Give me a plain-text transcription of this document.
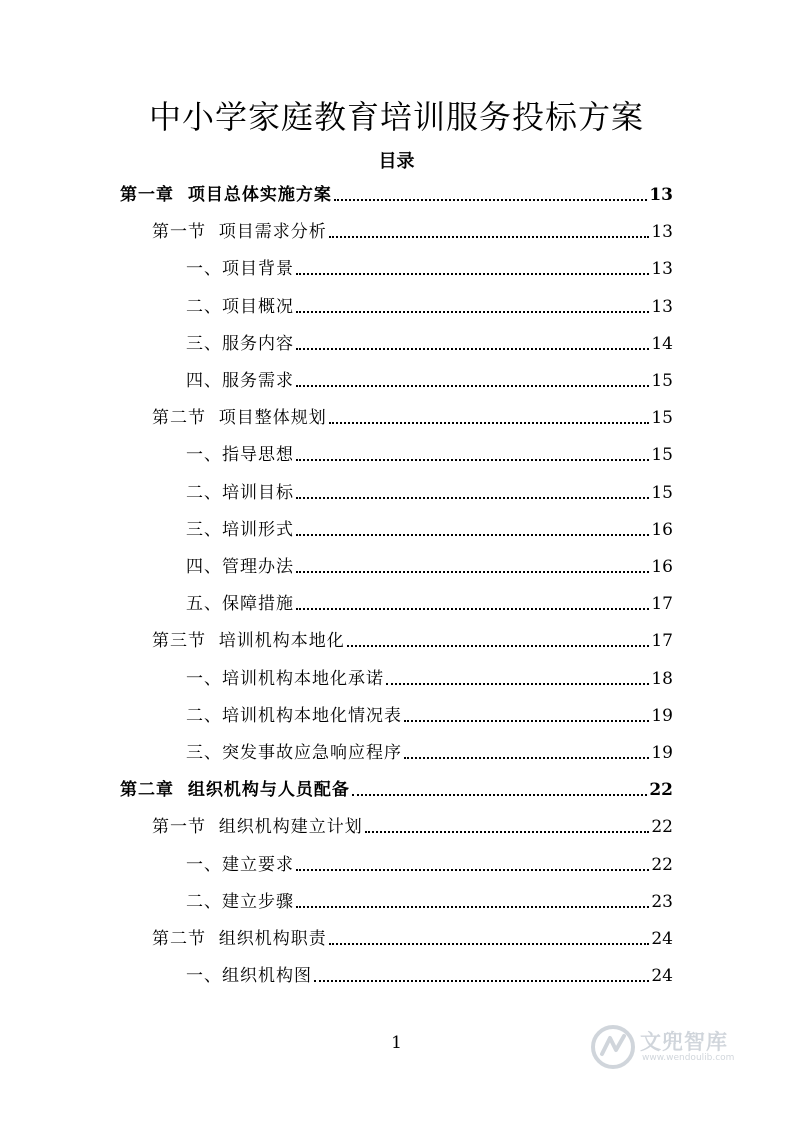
中小学家庭教育培训服务投标方案
目录
第一章  项目总体实施方案	13
第一节  项目需求分析	13
一、项目背景	13
二、项目概况	13
三、服务内容	14
四、服务需求	15
第二节  项目整体规划	15
一、指导思想	15
二、培训目标	15
三、培训形式	16
四、管理办法	16
五、保障措施	17
第三节  培训机构本地化	17
一、培训机构本地化承诺	18
二、培训机构本地化情况表	19
三、突发事故应急响应程序	19
第二章  组织机构与人员配备	22
第一节  组织机构建立计划	22
一、建立要求	22
二、建立步骤	23
第二节  组织机构职责	24
一、组织机构图	24
1	文兜智库
www.wendoulib.com
